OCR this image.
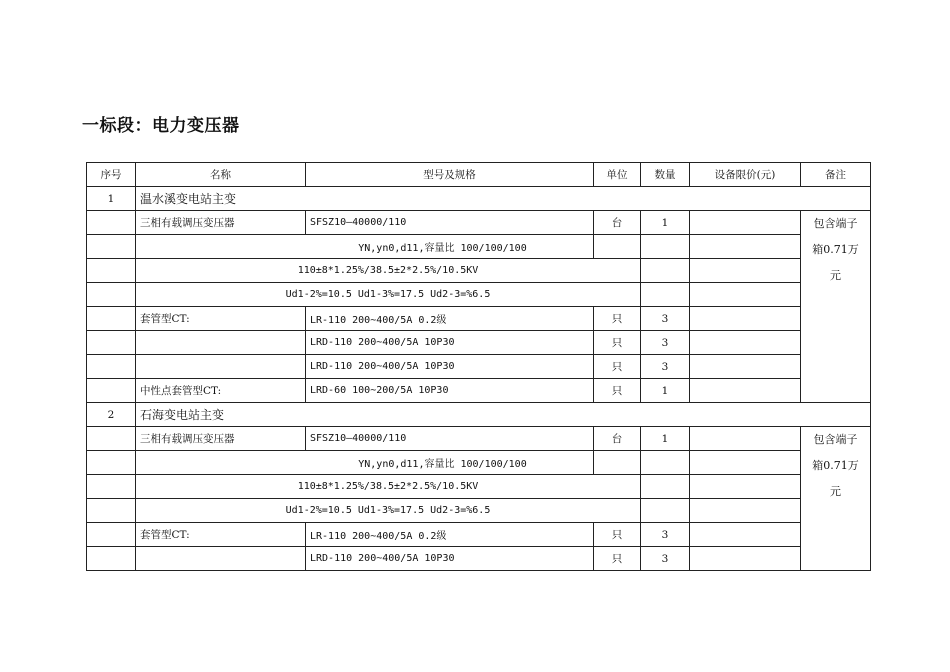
一标段：电力变压器
序号	名称	型号及规格	单位	数量	设备限价(元)	备注
1	温水溪变电站主变					
	三相有载调压变压器	SFSZ10—40000/110	台	1		包含端子
箱0.71万
元

	YN,yn0,d11,容量比 100/100/100					
	110±8*1.25%/38.5±2*2.5%/10.5KV					
	Ud1-2%=10.5 Ud1-3%=17.5 Ud2-3=%6.5					
	套管型CT:	LR-110 200~400/5A 0.2级	只	3		
		LRD-110 200~400/5A 10P30	只	3		
		LRD-110 200~400/5A 10P30	只	3		
	中性点套管型CT:	LRD-60 100~200/5A 10P30	只	1		
2	石海变电站主变					
	三相有载调压变压器	SFSZ10—40000/110	台	1		包含端子
箱0.71万
元

	YN,yn0,d11,容量比 100/100/100					
	110±8*1.25%/38.5±2*2.5%/10.5KV					
	Ud1-2%=10.5 Ud1-3%=17.5 Ud2-3=%6.5					
	套管型CT:	LR-110 200~400/5A 0.2级	只	3		
		LRD-110 200~400/5A 10P30	只	3		
